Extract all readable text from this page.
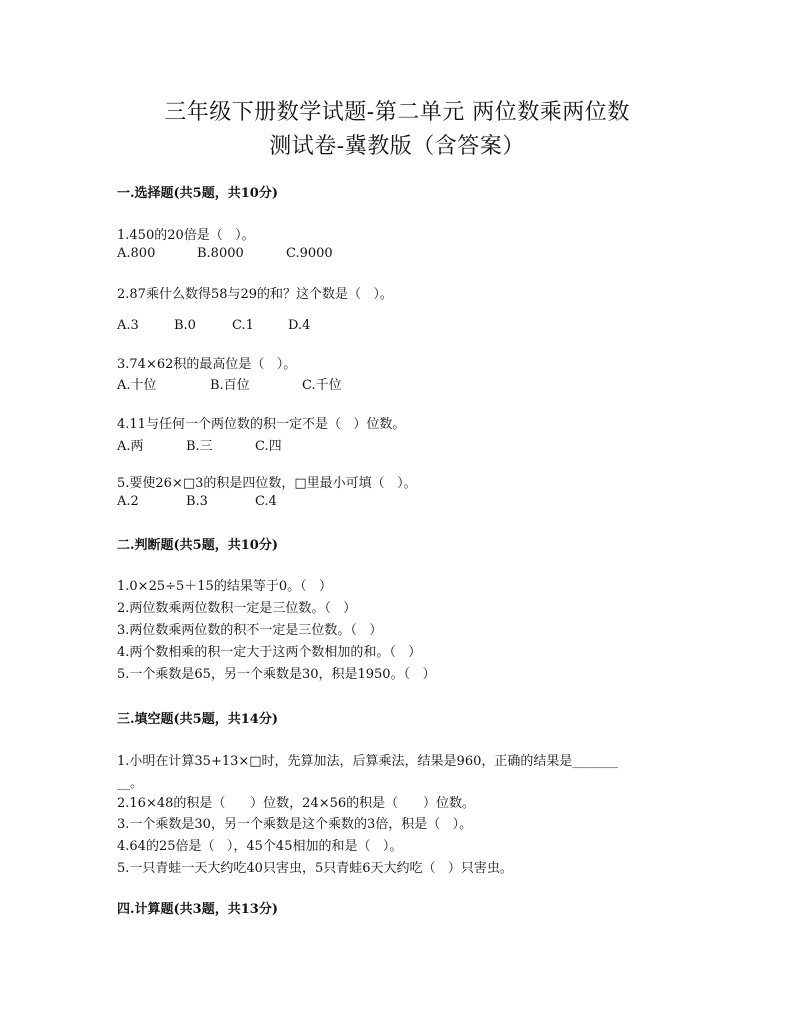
三年级下册数学试题-第二单元 两位数乘两位数
测试卷-冀教版（含答案）
一.选择题(共5题，共10分)
1.450的20倍是（   ）。
A.800	B.8000	C.9000
2.87乘什么数得58与29的和？这个数是（   ）。
A.3	B.0	C.1	D.4
3.74×62积的最高位是（   ）。
A.十位	B.百位	C.千位
4.11与任何一个两位数的积一定不是（   ）位数。
A.两	B.三	C.四
5.要使26×□3的积是四位数，□里最小可填（   ）。
A.2	B.3	C.4
二.判断题(共5题，共10分)
1.0×25÷5＋15的结果等于0。（   ）
2.两位数乘两位数积一定是三位数。（   ）
3.两位数乘两位数的积不一定是三位数。（   ）
4.两个数相乘的积一定大于这两个数相加的和。（   ）
5.一个乘数是65，另一个乘数是30，积是1950。（   ）
三.填空题(共5题，共14分)
1.小明在计算35+13×□时，先算加法，后算乘法，结果是960，正确的结果是_______
__。
2.16×48的积是（      ）位数，24×56的积是（      ）位数。
3.一个乘数是30，另一个乘数是这个乘数的3倍，积是（   ）。
4.64的25倍是（   ），45个45相加的和是（   ）。
5.一只青蛙一天大约吃40只害虫，5只青蛙6天大约吃（   ）只害虫。
四.计算题(共3题，共13分)
